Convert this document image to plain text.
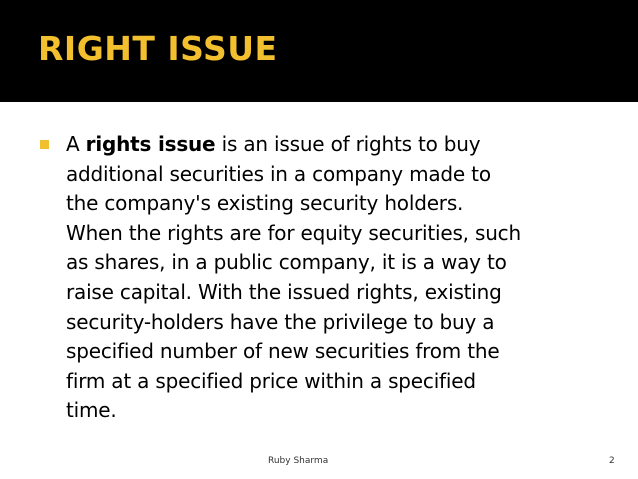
RIGHT ISSUE
A rights issue is an issue of rights to buy
additional securities in a company made to
the company's existing security holders.
When the rights are for equity securities, such
as shares, in a public company, it is a way to
raise capital. With the issued rights, existing
security-holders have the privilege to buy a
specified number of new securities from the
firm at a specified price within a specified
time.
Ruby Sharma	2
